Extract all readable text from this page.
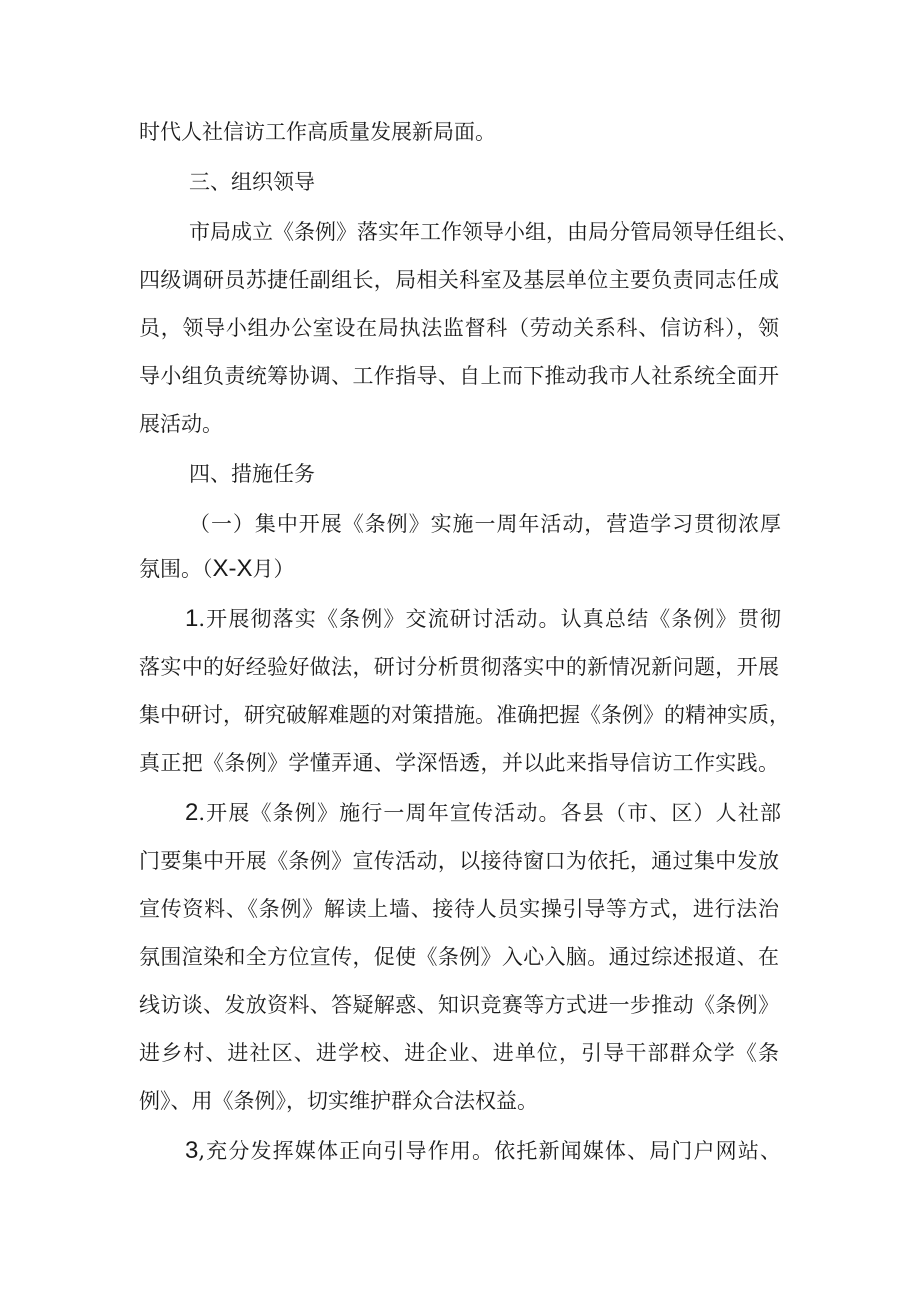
时代人社信访工作高质量发展新局面。

三、组织领导

市局成立《条例》落实年工作领导小组，由局分管局领导任组长、

四级调研员苏捷任副组长，局相关科室及基层单位主要负责同志任成

员，领导小组办公室设在局执法监督科（劳动关系科、信访科），领

导小组负责统筹协调、工作指导、自上而下推动我市人社系统全面开

展活动。

四、措施任务

（一）集中开展《条例》实施一周年活动，营造学习贯彻浓厚

氛围。（X-X月）

1.开展彻落实《条例》交流研讨活动。认真总结《条例》贯彻

落实中的好经验好做法，研讨分析贯彻落实中的新情况新问题，开展

集中研讨，研究破解难题的对策措施。准确把握《条例》的精神实质，

真正把《条例》学懂弄通、学深悟透，并以此来指导信访工作实践。

2.开展《条例》施行一周年宣传活动。各县（市、区）人社部

门要集中开展《条例》宣传活动，以接待窗口为依托，通过集中发放

宣传资料、《条例》解读上墙、接待人员实操引导等方式，进行法治

氛围渲染和全方位宣传，促使《条例》入心入脑。通过综述报道、在

线访谈、发放资料、答疑解惑、知识竞赛等方式进一步推动《条例》

进乡村、进社区、进学校、进企业、进单位，引导干部群众学《条

例》、用《条例》，切实维护群众合法权益。

3,充分发挥媒体正向引导作用。依托新闻媒体、局门户网站、
